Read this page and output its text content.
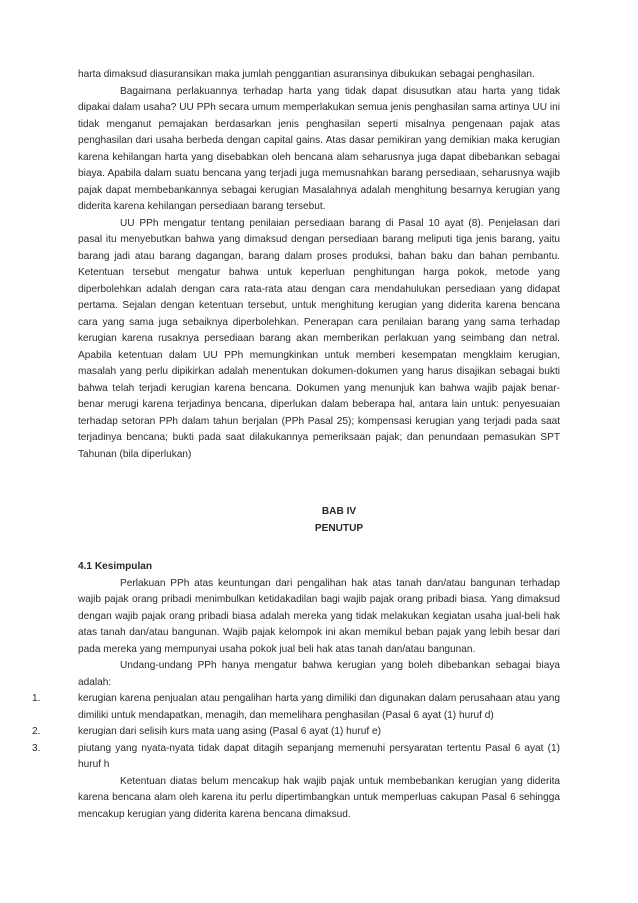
harta dimaksud diasuransikan maka jumlah penggantian asuransinya dibukukan sebagai penghasilan.

Bagaimana perlakuannya terhadap harta yang tidak dapat disusutkan atau harta yang tidak dipakai dalam usaha? UU PPh secara umum memperlakukan semua jenis penghasilan sama artinya UU ini tidak menganut pemajakan berdasarkan jenis penghasilan seperti misalnya pengenaan pajak atas penghasilan dari usaha berbeda dengan capital gains. Atas dasar pemikiran yang demikian maka kerugian karena kehilangan harta yang disebabkan oleh bencana alam seharusnya juga dapat dibebankan sebagai biaya. Apabila dalam suatu bencana yang terjadi juga memusnahkan barang persediaan, seharusnya wajib pajak dapat membebankannya sebagai kerugian Masalahnya adalah menghitung besarnya kerugian yang diderita karena kehilangan persediaan barang tersebut.

UU PPh mengatur tentang penilaian persediaan barang di Pasal 10 ayat (8). Penjelasan dari pasal itu menyebutkan bahwa yang dimaksud dengan persediaan barang meliputi tiga jenis barang, yaitu barang jadi atau barang dagangan, barang dalam proses produksi, bahan baku dan bahan pembantu. Ketentuan tersebut mengatur bahwa untuk keperluan penghitungan harga pokok, metode yang diperbolehkan adalah dengan cara rata-rata atau dengan cara mendahulukan persediaan yang didapat pertama. Sejalan dengan ketentuan tersebut, untuk menghitung kerugian yang diderita karena bencana cara yang sama juga sebaiknya diperbolehkan. Penerapan cara penilaian barang yang sama terhadap kerugian karena rusaknya persediaan barang akan memberikan perlakuan yang seimbang dan netral. Apabila ketentuan dalam UU PPh memungkinkan untuk memberi kesempatan mengklaim kerugian, masalah yang perlu dipikirkan adalah menentukan dokumen-dokumen yang harus disajikan sebagai bukti bahwa telah terjadi kerugian karena bencana. Dokumen yang menunjuk kan bahwa wajib pajak benar-benar merugi karena terjadinya bencana, diperlukan dalam beberapa hal, antara lain untuk: penyesuaian terhadap setoran PPh dalam tahun berjalan (PPh Pasal 25); kompensasi kerugian yang terjadi pada saat terjadinya bencana; bukti pada saat dilakukannya pemeriksaan pajak; dan penundaan pemasukan SPT Tahunan (bila diperlukan)

BAB IV
PENUTUP

4.1 Kesimpulan

Perlakuan PPh atas keuntungan dari pengalihan hak atas tanah dan/atau bangunan terhadap wajib pajak orang pribadi menimbulkan ketidakadilan bagi wajib pajak orang pribadi biasa. Yang dimaksud dengan wajib pajak orang pribadi biasa adalah mereka yang tidak melakukan kegiatan usaha jual-beli hak atas tanah dan/atau bangunan. Wajib pajak kelompok ini akan memikul beban pajak yang lebih besar dari pada mereka yang mempunyai usaha pokok jual beli hak atas tanah dan/atau bangunan.

Undang-undang PPh hanya mengatur bahwa kerugian yang boleh dibebankan sebagai biaya adalah:

1.	kerugian karena penjualan atau pengalihan harta yang dimiliki dan digunakan dalam perusahaan atau yang dimiliki untuk mendapatkan, menagih, dan memelihara penghasilan (Pasal 6 ayat (1) huruf d)

2.	kerugian dari selisih kurs mata uang asing (Pasal 6 ayat (1) huruf e)

3.	piutang yang nyata-nyata tidak dapat ditagih sepanjang memenuhi persyaratan tertentu Pasal 6 ayat (1) huruf h

Ketentuan diatas belum mencakup hak wajib pajak untuk membebankan kerugian yang diderita karena bencana alam oleh karena itu perlu dipertimbangkan untuk memperluas cakupan Pasal 6 sehingga mencakup kerugian yang diderita karena bencana dimaksud.
